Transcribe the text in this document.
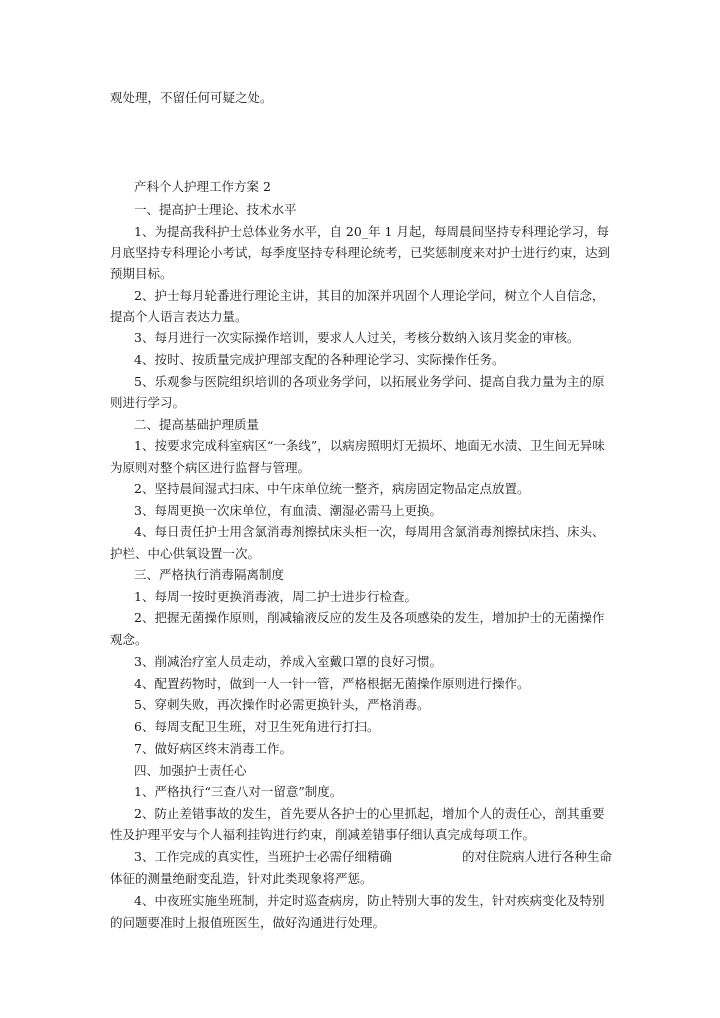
观处理，不留任何可疑之处。
产科个人护理工作方案 2
一、提高护士理论、技术水平
1、为提高我科护士总体业务水平，自 20_年 1 月起，每周晨间坚持专科理论学习，每
月底坚持专科理论小考试，每季度坚持专科理论统考，已奖惩制度来对护士进行约束，达到
预期目标。
2、护士每月轮番进行理论主讲，其目的加深并巩固个人理论学问，树立个人自信念，
提高个人语言表达力量。
3、每月进行一次实际操作培训，要求人人过关，考核分数纳入该月奖金的审核。
4、按时、按质量完成护理部支配的各种理论学习、实际操作任务。
5、乐观参与医院组织培训的各项业务学问，以拓展业务学问、提高自我力量为主的原
则进行学习。
二、提高基础护理质量
1、按要求完成科室病区“一条线”，以病房照明灯无损坏、地面无水渍、卫生间无异味
为原则对整个病区进行监督与管理。
2、坚持晨间湿式扫床、中午床单位统一整齐，病房固定物品定点放置。
3、每周更换一次床单位，有血渍、潮湿必需马上更换。
4、每日责任护士用含氯消毒剂擦拭床头柜一次，每周用含氯消毒剂擦拭床挡、床头、
护栏、中心供氧设置一次。
三、严格执行消毒隔离制度
1、每周一按时更换消毒液，周二护士进步行检查。
2、把握无菌操作原则，削减输液反应的发生及各项感染的发生，增加护士的无菌操作
观念。
3、削减治疗室人员走动，养成入室戴口罩的良好习惯。
4、配置药物时，做到一人一针一管，严格根据无菌操作原则进行操作。
5、穿刺失败，再次操作时必需更换针头，严格消毒。
6、每周支配卫生班，对卫生死角进行打扫。
7、做好病区终末消毒工作。
四、加强护士责任心
1、严格执行“三查八对一留意”制度。
2、防止差错事故的发生，首先要从各护士的心里抓起，增加个人的责任心，剖其重要
性及护理平安与个人福利挂钩进行约束，削减差错事仔细认真完成每项工作。
3、工作完成的真实性，当班护士必需仔细精确	的对住院病人进行各种生命
体征的测量绝耐变乱造，针对此类现象将严惩。
4、中夜班实施坐班制，并定时巡查病房，防止特别大事的发生，针对疾病变化及特别
的问题要准时上报值班医生，做好沟通进行处理。
